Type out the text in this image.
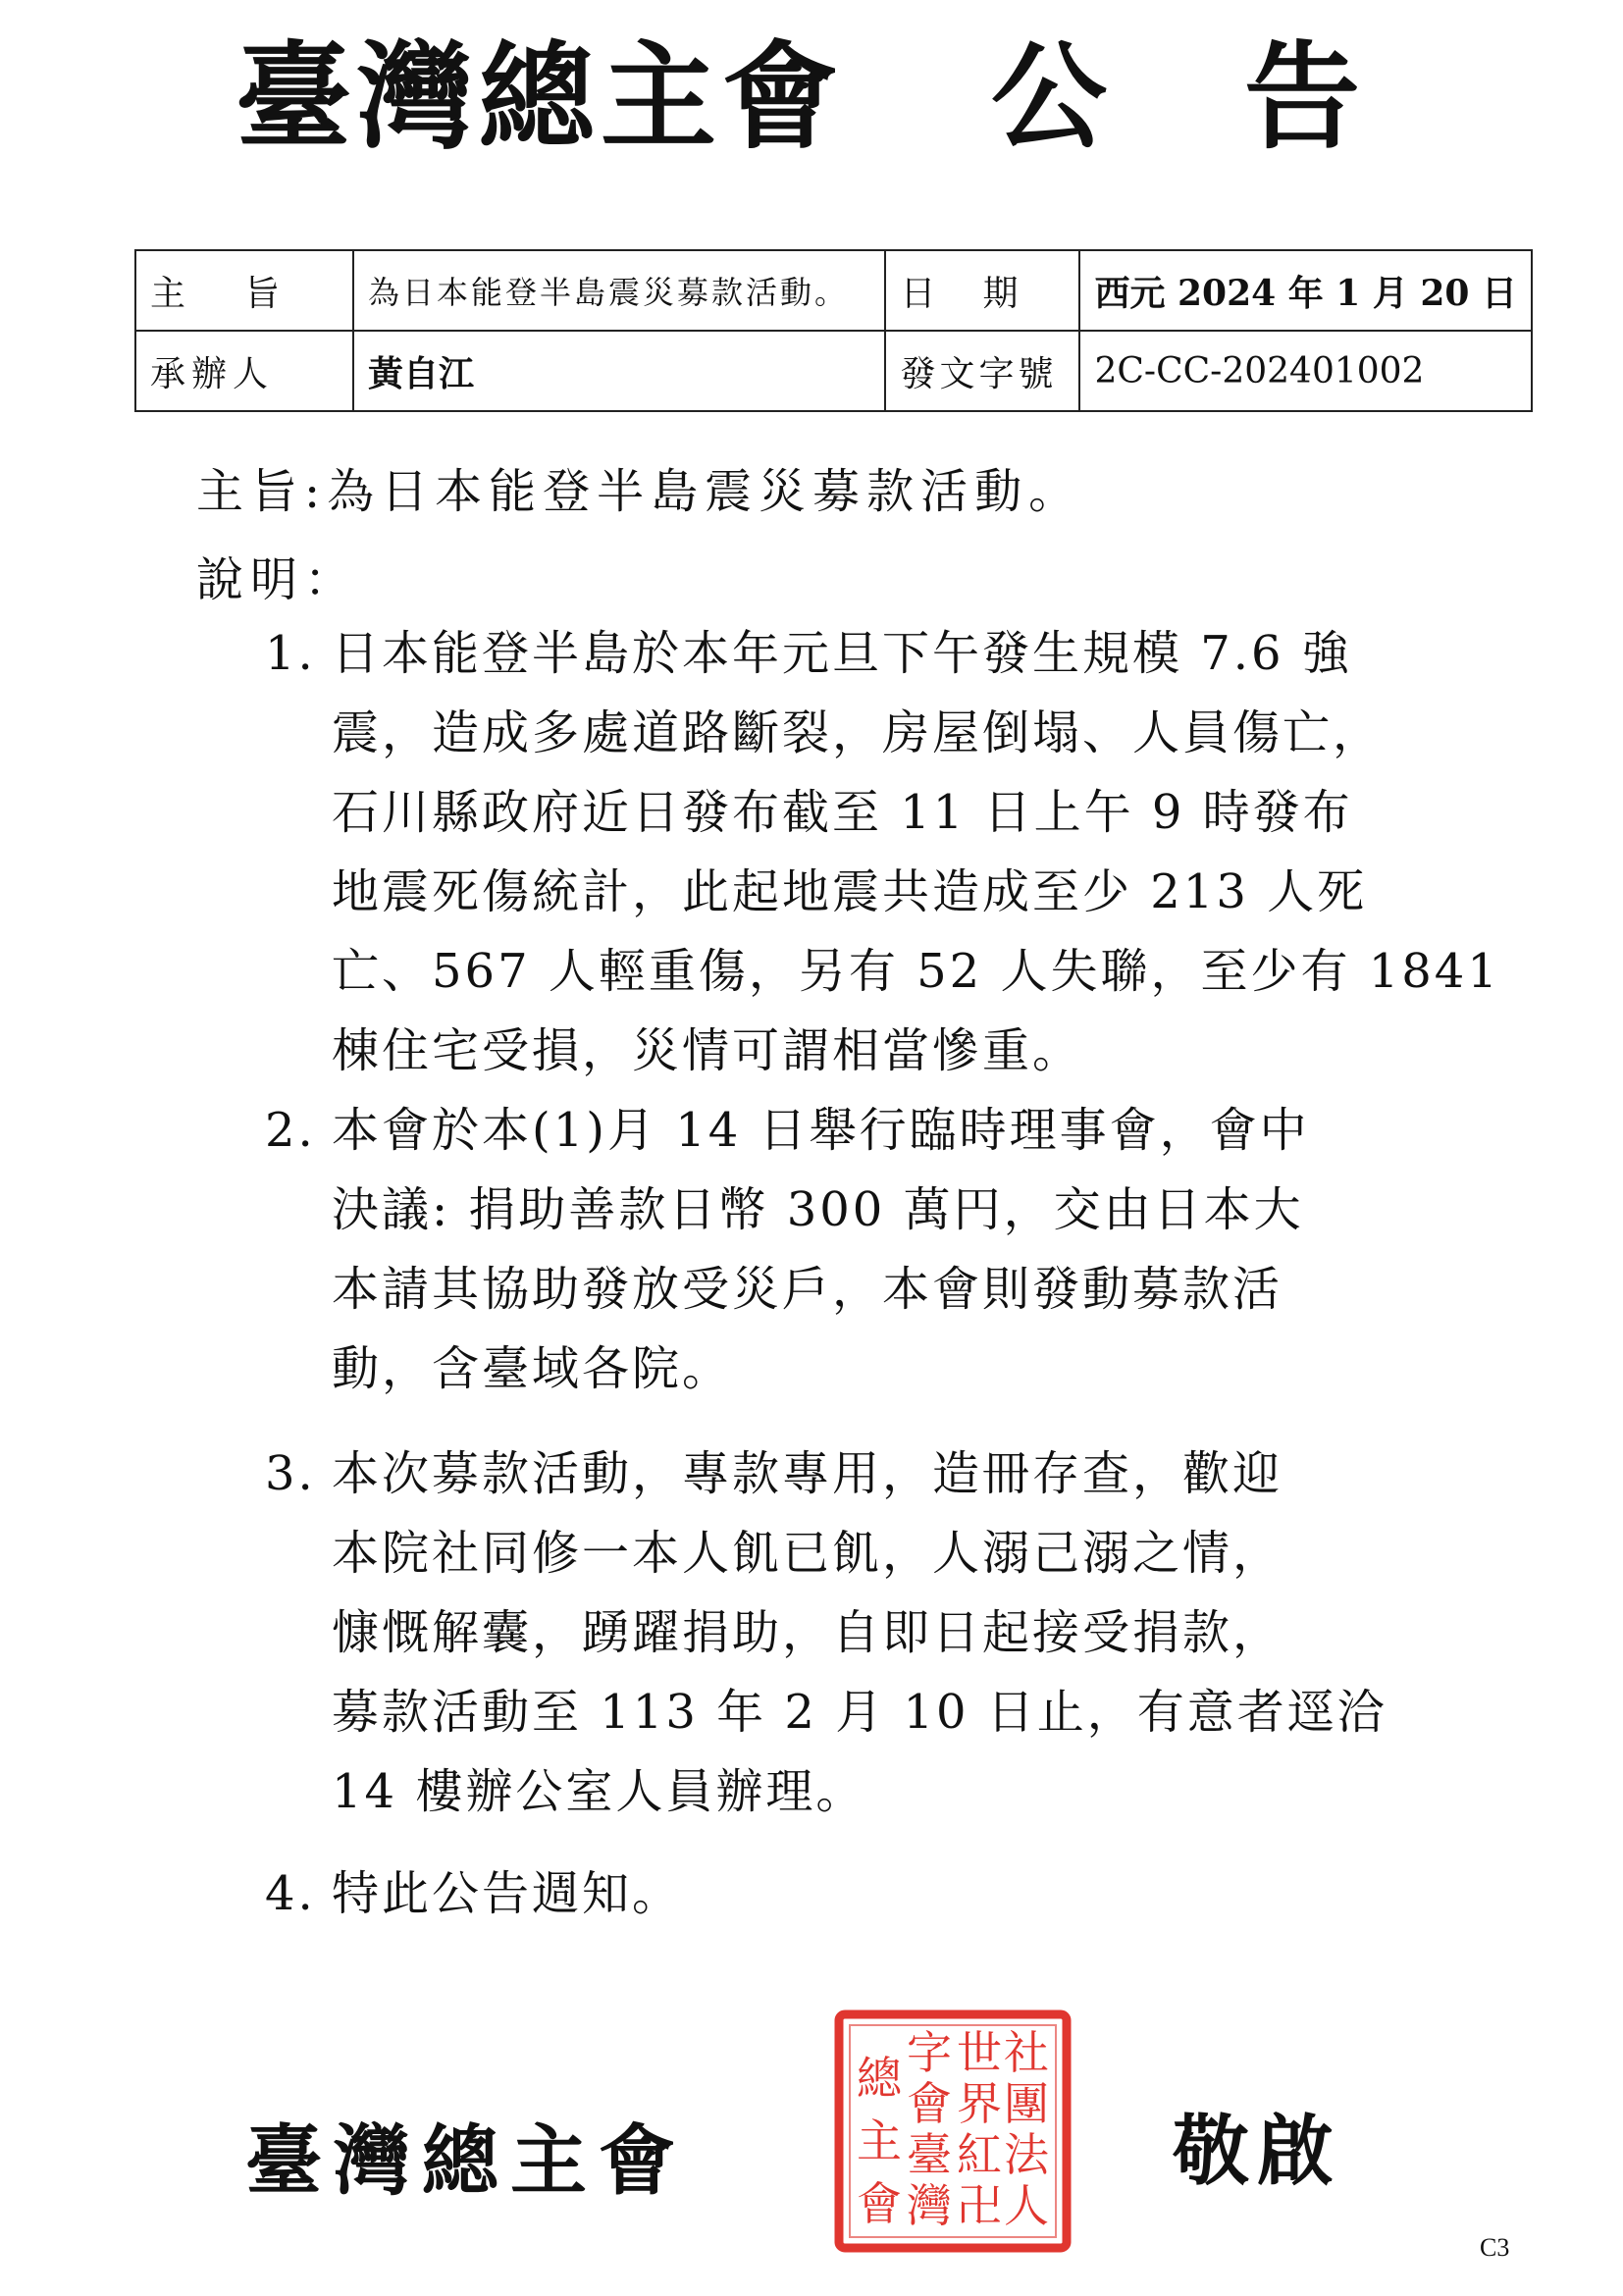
臺灣總主會 公告
主旨	為日本能登半島震災募款活動。	日期	西元 2024 年 1 月 20 日
承辦人	黃自江	發文字號	2C-CC-202401002
主旨:為日本能登半島震災募款活動。
說明：
1. 日本能登半島於本年元旦下午發生規模 7.6 強
震，造成多處道路斷裂，房屋倒塌、人員傷亡，
石川縣政府近日發布截至 11 日上午 9 時發布
地震死傷統計，此起地震共造成至少 213 人死
亡、567 人輕重傷，另有 52 人失聯，至少有 1841
棟住宅受損，災情可謂相當慘重。
2. 本會於本(1)月 14 日舉行臨時理事會，會中
決議: 捐助善款日幣 300 萬円，交由日本大
本請其協助發放受災戶，本會則發動募款活
動，含臺域各院。
3. 本次募款活動，專款專用，造冊存查，歡迎
本院社同修一本人飢已飢，人溺己溺之情，
慷慨解囊，踴躍捐助，自即日起接受捐款，
募款活動至 113 年 2 月 10 日止，有意者逕洽
14 樓辦公室人員辦理。
4. 特此公告週知。
臺灣總主會
社
團
法
人
世
界
紅
卍
字
會
臺
灣
總
主
會
敬啟
C3
